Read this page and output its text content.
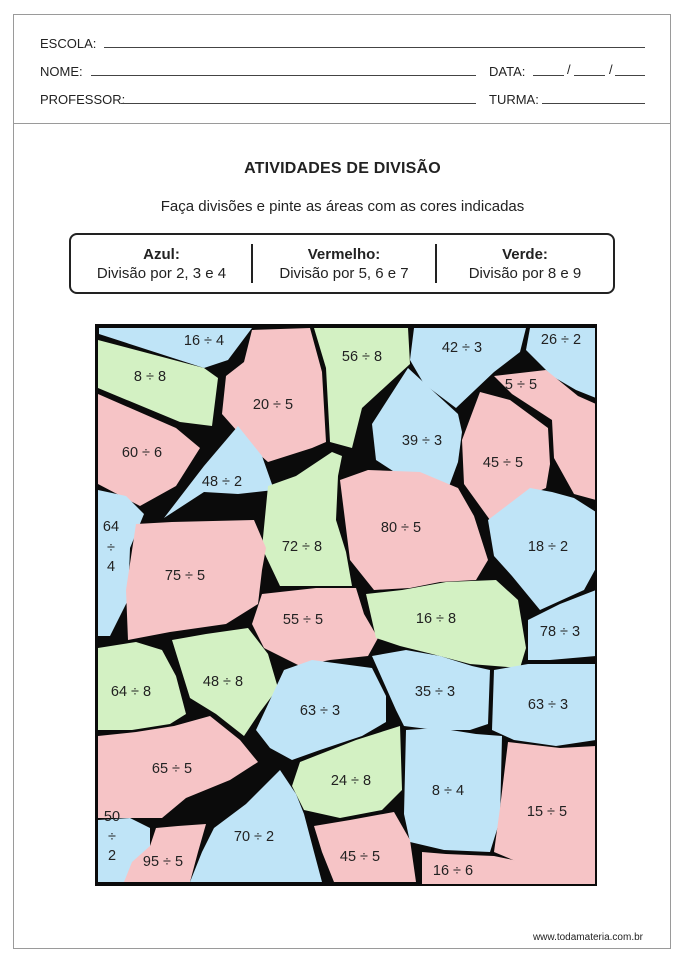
ESCOLA:
NOME:	DATA:	/	/
PROFESSOR:	TURMA:
ATIVIDADES DE DIVISÃO
Faça divisões e pinte as áreas com as cores indicadas
Azul:
Divisão por 2, 3 e 4
Vermelho:
Divisão por 5, 6 e 7
Verde:
Divisão por 8 e 9
16 ÷ 4
8 ÷ 8
60 ÷ 6
20 ÷ 5
56 ÷ 8
42 ÷ 3	26 ÷ 2
5 ÷ 5
39 ÷ 3
45 ÷ 5
48 ÷ 2
64
÷
4
72 ÷ 8
80 ÷ 5
18 ÷ 2
75 ÷ 5
55 ÷ 5	16 ÷ 8
78 ÷ 3
64 ÷ 8
48 ÷ 8
63 ÷ 3
35 ÷ 3
63 ÷ 3
65 ÷ 5
24 ÷ 8
8 ÷ 4
15 ÷ 5
50
÷
2 95 ÷ 5
70 ÷ 2
45 ÷ 5
16 ÷ 6
www.todamateria.com.br
